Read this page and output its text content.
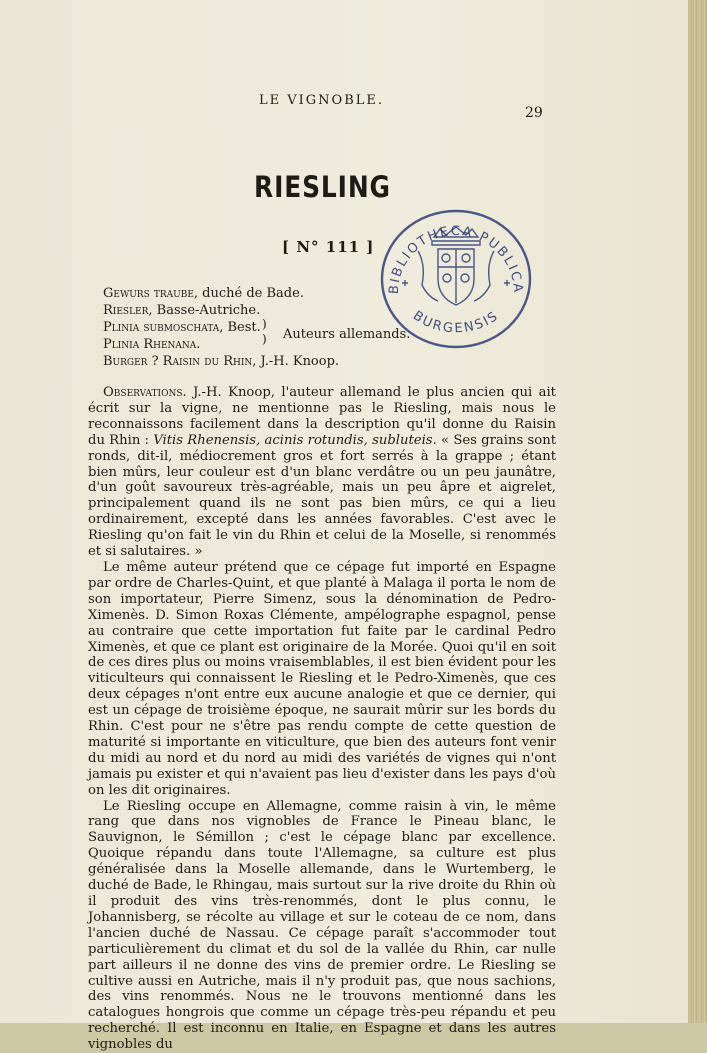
LE VIGNOBLE.
29
RIESLING
[ N° 111 ]
BIBLIOTHECA PUBLICA
BURGENSIS
Gewurs traube, duché de Bade.
Riesler, Basse-Autriche.
Plinia submoschata, Best.
Plinia Rhenana.
Burger ? Raisin du Rhin, J.-H. Knoop.
)
) Auteurs allemands.

Observations. J.-H. Knoop, l'auteur allemand le plus ancien qui ait écrit sur la vigne, ne mentionne pas le Riesling, mais nous le reconnaissons facilement dans la description qu'il donne du Raisin du Rhin : Vitis Rhenensis, acinis rotundis, subluteis. « Ses grains sont ronds, dit-il, médiocrement gros et fort serrés à la grappe ; étant bien mûrs, leur couleur est d'un blanc verdâtre ou un peu jaunâtre, d'un goût savoureux très-agréable, mais un peu âpre et aigrelet, principalement quand ils ne sont pas bien mûrs, ce qui a lieu ordinairement, excepté dans les années favorables. C'est avec le Riesling qu'on fait le vin du Rhin et celui de la Moselle, si renommés et si salutaires. »

Le même auteur prétend que ce cépage fut importé en Espagne par ordre de Charles-Quint, et que planté à Malaga il porta le nom de son importateur, Pierre Simenz, sous la dénomination de Pedro-Ximenès. D. Simon Roxas Clémente, ampélographe espagnol, pense au contraire que cette importation fut faite par le cardinal Pedro Ximenès, et que ce plant est originaire de la Morée. Quoi qu'il en soit de ces dires plus ou moins vraisemblables, il est bien évident pour les viticulteurs qui connaissent le Riesling et le Pedro-Ximenès, que ces deux cépages n'ont entre eux aucune analogie et que ce dernier, qui est un cépage de troisième époque, ne saurait mûrir sur les bords du Rhin. C'est pour ne s'être pas rendu compte de cette question de maturité si importante en viticulture, que bien des auteurs font venir du midi au nord et du nord au midi des variétés de vignes qui n'ont jamais pu exister et qui n'avaient pas lieu d'exister dans les pays d'où on les dit originaires.

Le Riesling occupe en Allemagne, comme raisin à vin, le même rang que dans nos vignobles de France le Pineau blanc, le Sauvignon, le Sémillon ; c'est le cépage blanc par excellence. Quoique répandu dans toute l'Allemagne, sa culture est plus généralisée dans la Moselle allemande, dans le Wurtemberg, le duché de Bade, le Rhingau, mais surtout sur la rive droite du Rhin où il produit des vins très-renommés, dont le plus connu, le Johannisberg, se récolte au village et sur le coteau de ce nom, dans l'ancien duché de Nassau. Ce cépage paraît s'accommoder tout particulièrement du climat et du sol de la vallée du Rhin, car nulle part ailleurs il ne donne des vins de premier ordre. Le Riesling se cultive aussi en Autriche, mais il n'y produit pas, que nous sachions, des vins renommés. Nous ne le trouvons mentionné dans les catalogues hongrois que comme un cépage très-peu répandu et peu recherché. Il est inconnu en Italie, en Espagne et dans les autres vignobles du
